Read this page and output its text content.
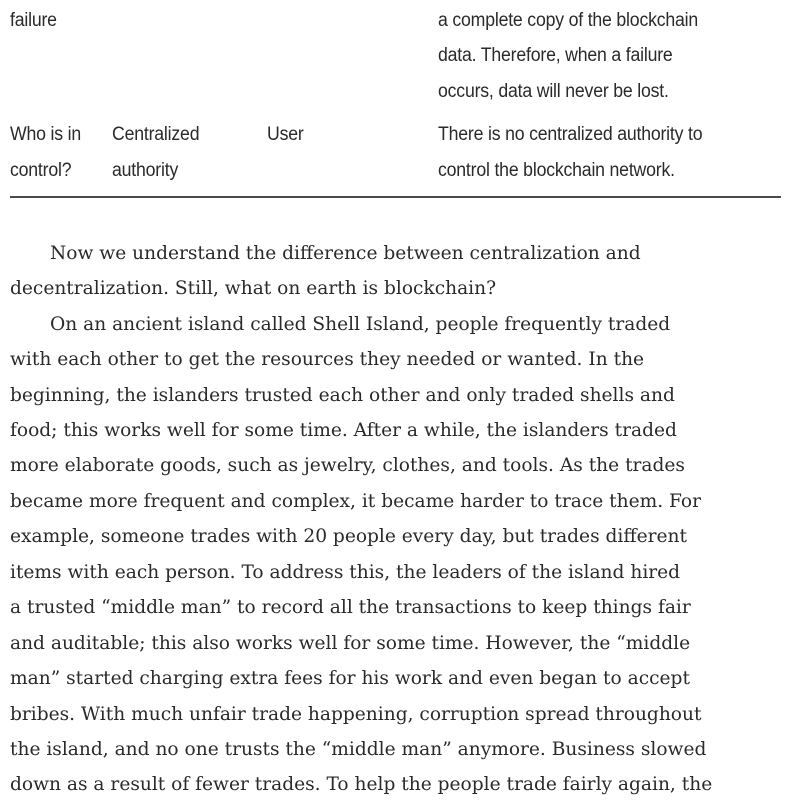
failure	a complete copy of the blockchain
data. Therefore, when a failure
occurs, data will never be lost.
Who is in
control?
Centralized
authority
User	There is no centralized authority to
control the blockchain network.
Now we understand the difference between centralization and
decentralization. Still, what on earth is blockchain?
On an ancient island called Shell Island, people frequently traded
with each other to get the resources they needed or wanted. In the
beginning, the islanders trusted each other and only traded shells and
food; this works well for some time. After a while, the islanders traded
more elaborate goods, such as jewelry, clothes, and tools. As the trades
became more frequent and complex, it became harder to trace them. For
example, someone trades with 20 people every day, but trades different
items with each person. To address this, the leaders of the island hired
a trusted “middle man” to record all the transactions to keep things fair
and auditable; this also works well for some time. However, the “middle
man” started charging extra fees for his work and even began to accept
bribes. With much unfair trade happening, corruption spread throughout
the island, and no one trusts the “middle man” anymore. Business slowed
down as a result of fewer trades. To help the people trade fairly again, the
